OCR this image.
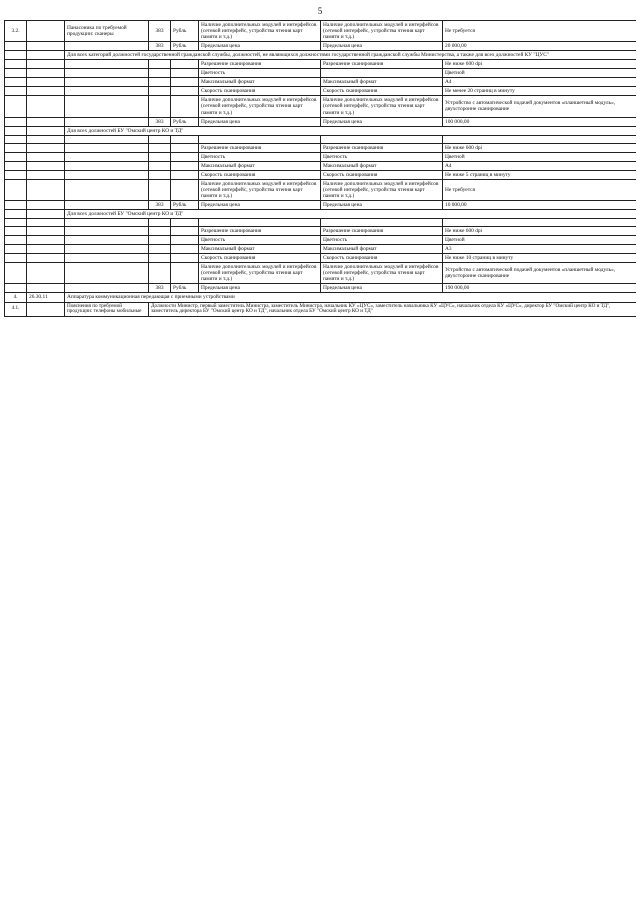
5
3.2.		Панасоника по требуемой продукции: сканеры	383	Рубль	Наличие дополнительных модулей и интерфейсов (сетевой интерфейс, устройства чтения карт памяти и т.д.)	Наличие дополнительных модулей и интерфейсов (сетевой интерфейс, устройства чтения карт памяти и т.д.)	Не требуется
			383	Рубль	Предельная цена	Предельная цена	20 000,00
		Для всех категорий должностей государственной гражданской службы, должностей, не являющихся должностями государственной гражданской службы Министерства, а также для всех должностей КУ "ЦУС"					
					Разрешение сканирования	Разрешение сканирования	Не ниже 600 dpi
					Цветность		Цветной
					Максимальный формат	Максимальный формат	А4
					Скорость сканирования	Скорость сканирования	Не менее 20 страниц в минуту
					Наличие дополнительных модулей и интерфейсов (сетевой интерфейс, устройства чтения карт памяти и т.д.)	Наличие дополнительных модулей и интерфейсов (сетевой интерфейс, устройства чтения карт памяти и т.д.)	Устройство с автоматической подачей документов «планшетный модуль», двухсторонне сканирование
			383	Рубль	Предельная цена	Предельная цена	100 000,00
		Для всех должностей БУ "Омский центр КО и ТД"					

					Разрешение сканирования	Разрешение сканирования	Не ниже 600 dpi
					Цветность	Цветность	Цветной
					Максимальный формат	Максимальный формат	А4
					Скорость сканирования	Скорость сканирования	Не ниже 5 страниц в минуту
					Наличие дополнительных модулей и интерфейсов (сетевой интерфейс, устройства чтения карт памяти и т.д.)	Наличие дополнительных модулей и интерфейсов (сетевой интерфейс, устройства чтения карт памяти и т.д.)	Не требуется
			383	Рубль	Предельная цена	Предельная цена	10 000,00
		Для всех должностей БУ "Омский центр КО и ТД"					

					Разрешение сканирования	Разрешение сканирования	Не ниже 600 dpi
					Цветность	Цветность	Цветной
					Максимальный формат	Максимальный формат	А3
					Скорость сканирования	Скорость сканирования	Не ниже 10 страниц в минуту
					Наличие дополнительных модулей и интерфейсов (сетевой интерфейс, устройства чтения карт памяти и т.д.)	Наличие дополнительных модулей и интерфейсов (сетевой интерфейс, устройства чтения карт памяти и т.д.)	Устройство с автоматической подачей документов «планшетный модуль», двухсторонне сканирование
			383	Рубль	Предельная цена	Предельная цена	190 000,00
4.	26.30.11	Аппаратура коммуникационная передающая с приемными устройствами					
4.1.		Пояснения по требуемой продукции: телефоны мобильные	Должности Министр, первый заместитель Министра, заместитель Министра, начальник КУ «ЦУС», заместитель начальника КУ «ЦУС», начальник отдела КУ «ЦУС», директор БУ "Омский центр КО и ТД", заместитель директора БУ "Омский центр КО и ТД", начальник отдела БУ "Омский центр КО и ТД"				
